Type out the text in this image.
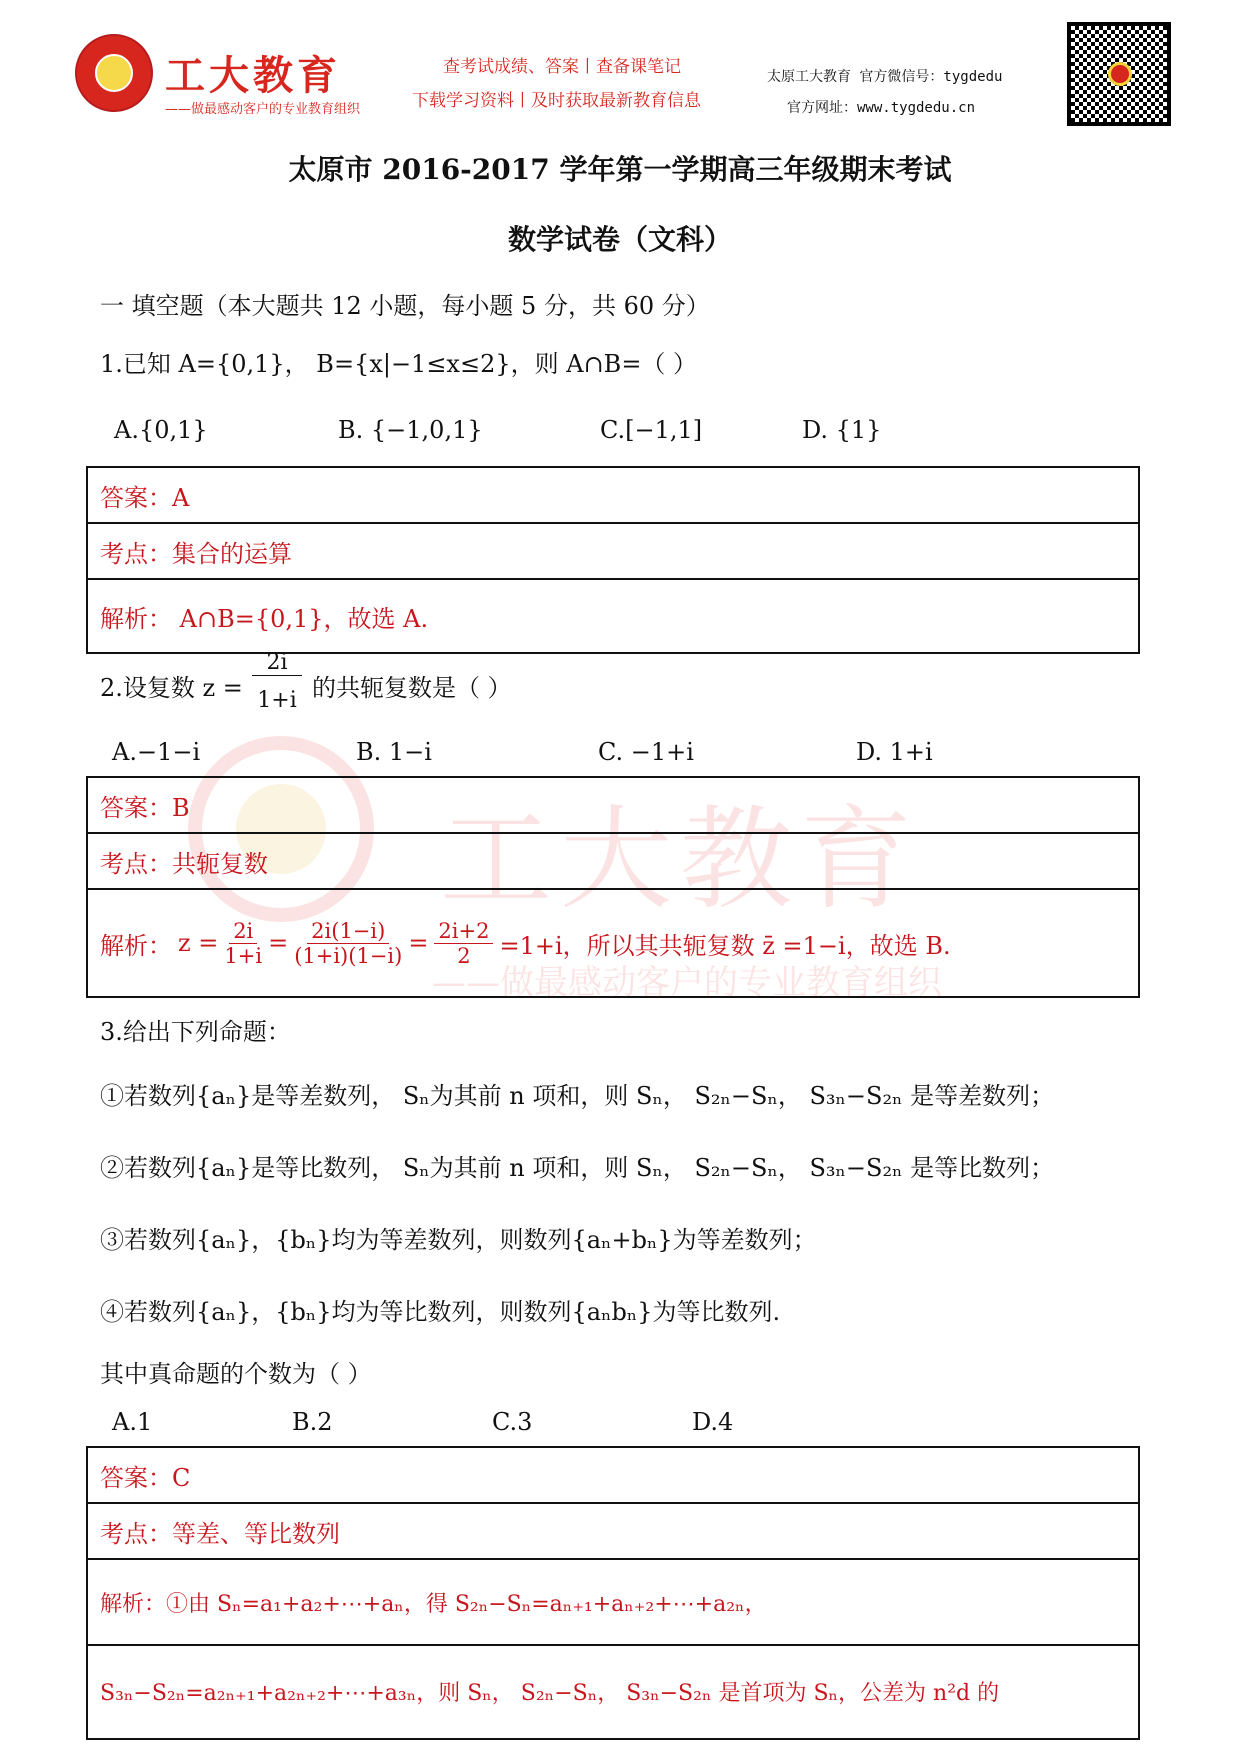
工大教育
——做最感动客户的专业教育组织
查考试成绩、答案丨查备课笔记
下载学习资料丨及时获取最新教育信息
太原工大教育 官方微信号：tygdedu
官方网址：www.tygdedu.cn
工大教育
——做最感动客户的专业教育组织
太原市 2016-2017 学年第一学期高三年级期末考试
数学试卷（文科）
一 填空题（本大题共 12 小题，每小题 5 分，共 60 分）
1.已知 A={0,1}， B={x|−1≤x≤2}，则 A∩B=（ ）
A.{0,1}	B. {−1,0,1}	C.[−1,1]	D. {1}
答案：A
考点：集合的运算
解析： A∩B={0,1}，故选 A.
2.设复数 z =
2i
1+i 的共轭复数是（ ）
A.−1−i	B. 1−i	C. −1+i	D. 1+i
答案：B
考点：共轭复数
解析： $z = \frac{2i}{1+i} = \frac{2i(1-i)}{(1+i)(1-i)} = \frac{2i+2}{2} =1+i$，所以其共轭复数 z̄ =1−i，故选 B.
3.给出下列命题：
①若数列{aₙ}是等差数列， Sₙ为其前 n 项和，则 Sₙ， S₂ₙ−Sₙ， S₃ₙ−S₂ₙ 是等差数列；
②若数列{aₙ}是等比数列， Sₙ为其前 n 项和，则 Sₙ， S₂ₙ−Sₙ， S₃ₙ−S₂ₙ 是等比数列；
③若数列{aₙ}，{bₙ}均为等差数列，则数列{aₙ+bₙ}为等差数列；
④若数列{aₙ}，{bₙ}均为等比数列，则数列{aₙbₙ}为等比数列.
其中真命题的个数为（ ）
A.1	B.2	C.3	D.4
答案：C
考点：等差、等比数列
解析：①由 Sₙ=a₁+a₂+⋯+aₙ，得 S₂ₙ−Sₙ=aₙ₊₁+aₙ₊₂+⋯+a₂ₙ，
S₃ₙ−S₂ₙ=a₂ₙ₊₁+a₂ₙ₊₂+⋯+a₃ₙ，则 Sₙ， S₂ₙ−Sₙ， S₃ₙ−S₂ₙ 是首项为 Sₙ，公差为 n²d 的
